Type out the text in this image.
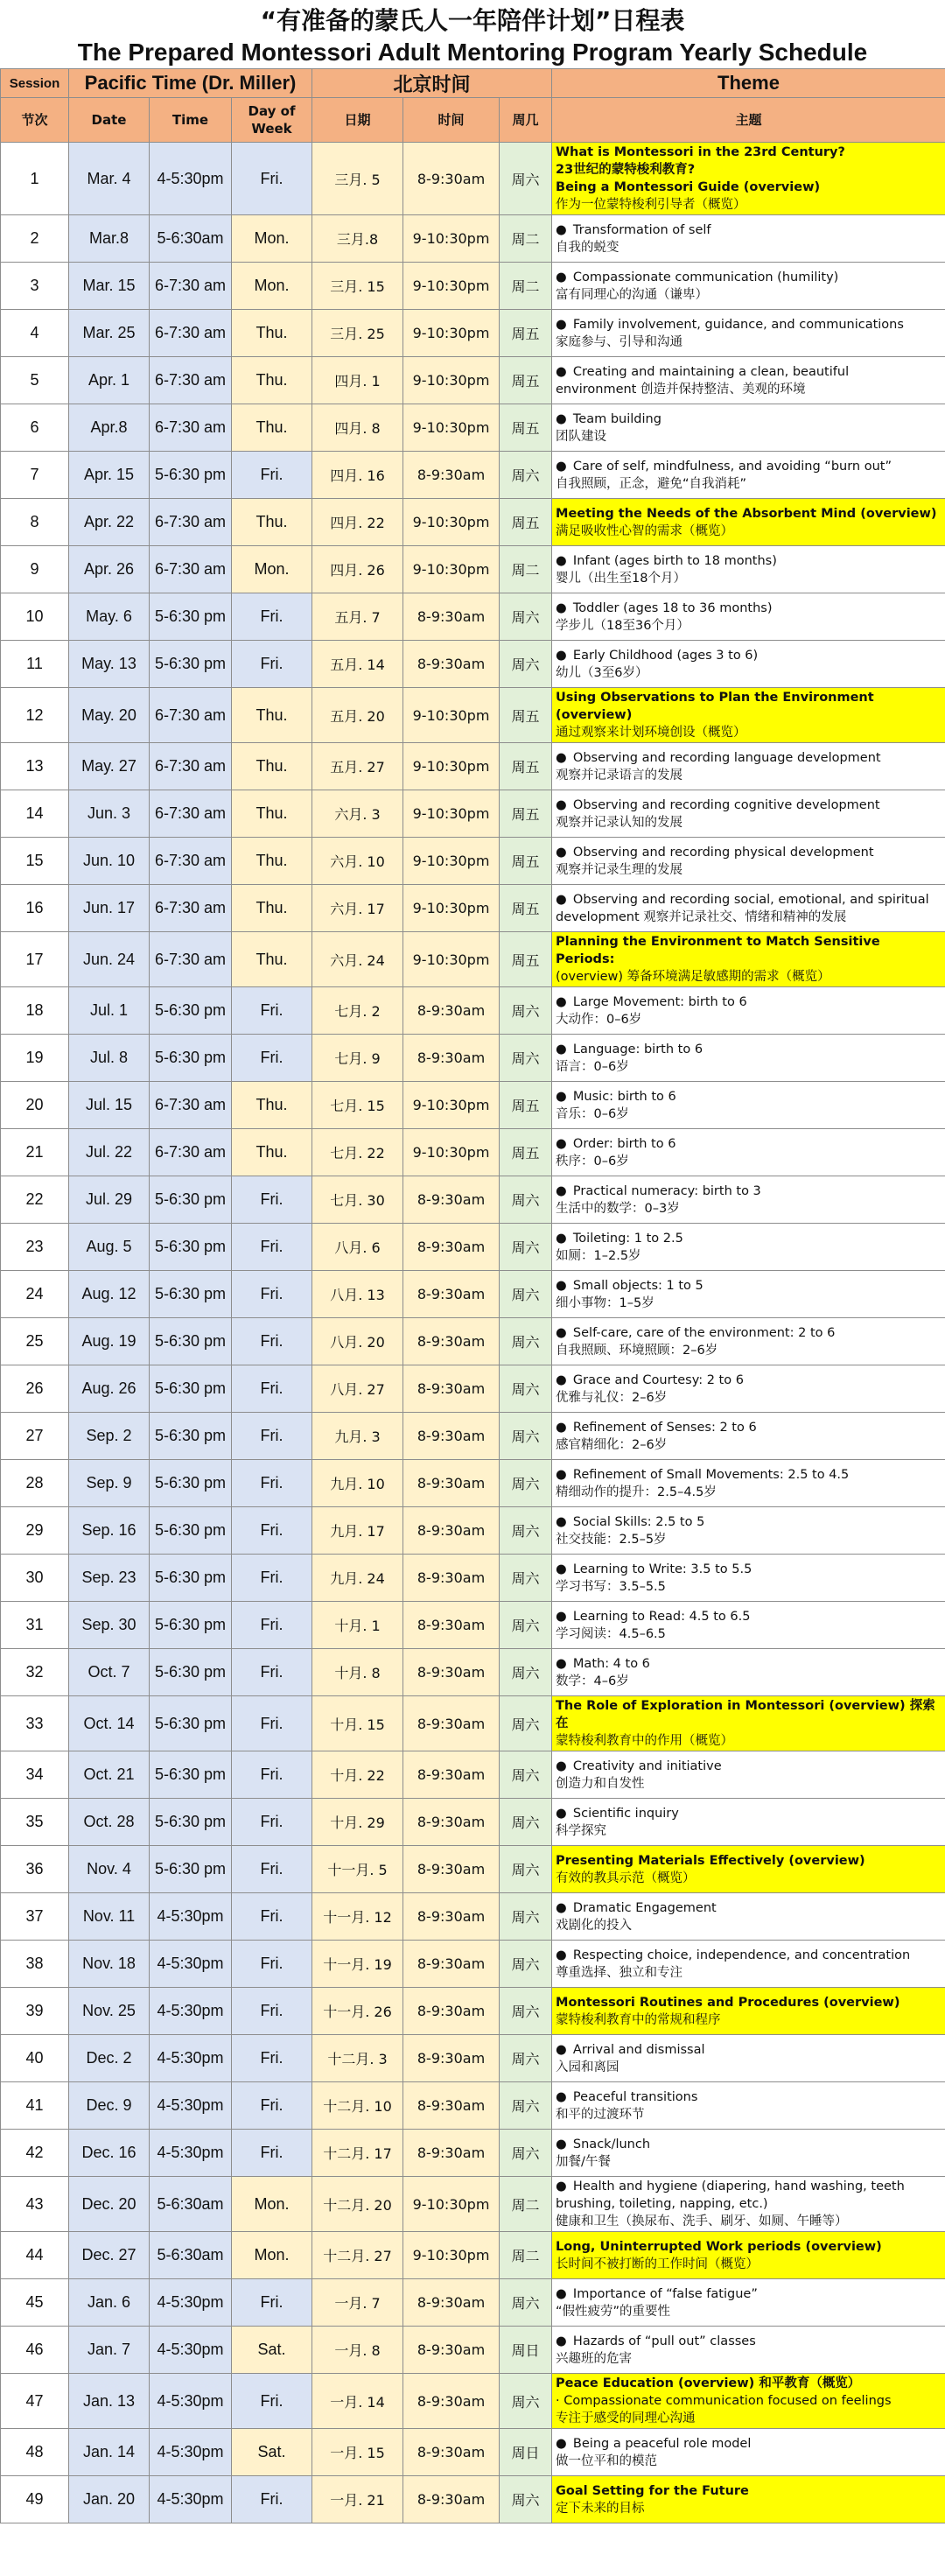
“有准备的蒙氏人一年陪伴计划”日程表
The Prepared Montessori Adult Mentoring Program Yearly Schedule
Session	Pacific Time (Dr. Miller)			北京时间			Theme
节次	Date	Time	Day of Week	日期	时间	周几	主题
1	Mar. 4	4-5:30pm	Fri.	三月. 5	8-9:30am	周六	What is Montessori in the 23rd Century?
23世纪的蒙特梭利教育?
Being a Montessori Guide (overview)
作为一位蒙特梭利引导者（概览）

2	Mar.8	5-6:30am	Mon.	三月.8	9-10:30pm	周二	● Transformation of self
自我的蜕变

3	Mar. 15	6-7:30 am	Mon.	三月. 15	9-10:30pm	周二	● Compassionate communication (humility)
富有同理心的沟通（谦卑）

4	Mar. 25	6-7:30 am	Thu.	三月. 25	9-10:30pm	周五	● Family involvement, guidance, and communications
家庭参与、引导和沟通

5	Apr. 1	6-7:30 am	Thu.	四月. 1	9-10:30pm	周五	● Creating and maintaining a clean, beautiful
environment 创造并保持整洁、美观的环境

6	Apr.8	6-7:30 am	Thu.	四月. 8	9-10:30pm	周五	● Team building
团队建设

7	Apr. 15	5-6:30 pm	Fri.	四月. 16	8-9:30am	周六	● Care of self, mindfulness, and avoiding “burn out”
自我照顾，正念，避免“自我消耗”

8	Apr. 22	6-7:30 am	Thu.	四月. 22	9-10:30pm	周五	Meeting the Needs of the Absorbent Mind (overview)
满足吸收性心智的需求（概览）

9	Apr. 26	6-7:30 am	Mon.	四月. 26	9-10:30pm	周二	● Infant (ages birth to 18 months)
婴儿（出生至18个月）

10	May. 6	5-6:30 pm	Fri.	五月. 7	8-9:30am	周六	● Toddler (ages 18 to 36 months)
学步儿（18至36个月）

11	May. 13	5-6:30 pm	Fri.	五月. 14	8-9:30am	周六	● Early Childhood (ages 3 to 6)
幼儿（3至6岁）

12	May. 20	6-7:30 am	Thu.	五月. 20	9-10:30pm	周五	Using Observations to Plan the Environment (overview)
通过观察来计划环境创设（概览）

13	May. 27	6-7:30 am	Thu.	五月. 27	9-10:30pm	周五	● Observing and recording language development
观察并记录语言的发展

14	Jun. 3	6-7:30 am	Thu.	六月. 3	9-10:30pm	周五	● Observing and recording cognitive development
观察并记录认知的发展

15	Jun. 10	6-7:30 am	Thu.	六月. 10	9-10:30pm	周五	● Observing and recording physical development
观察并记录生理的发展

16	Jun. 17	6-7:30 am	Thu.	六月. 17	9-10:30pm	周五	● Observing and recording social, emotional, and spiritual
development 观察并记录社交、情绪和精神的发展

17	Jun. 24	6-7:30 am	Thu.	六月. 24	9-10:30pm	周五	Planning the Environment to Match Sensitive Periods:
(overview) 筹备环境满足敏感期的需求（概览）

18	Jul. 1	5-6:30 pm	Fri.	七月. 2	8-9:30am	周六	● Large Movement: birth to 6
大动作：0–6岁

19	Jul. 8	5-6:30 pm	Fri.	七月. 9	8-9:30am	周六	● Language: birth to 6
语言：0–6岁

20	Jul. 15	6-7:30 am	Thu.	七月. 15	9-10:30pm	周五	● Music: birth to 6
音乐：0–6岁

21	Jul. 22	6-7:30 am	Thu.	七月. 22	9-10:30pm	周五	● Order: birth to 6
秩序：0–6岁

22	Jul. 29	5-6:30 pm	Fri.	七月. 30	8-9:30am	周六	● Practical numeracy: birth to 3
生活中的数学：0–3岁

23	Aug. 5	5-6:30 pm	Fri.	八月. 6	8-9:30am	周六	● Toileting: 1 to 2.5
如厕：1–2.5岁

24	Aug. 12	5-6:30 pm	Fri.	八月. 13	8-9:30am	周六	● Small objects: 1 to 5
细小事物：1–5岁

25	Aug. 19	5-6:30 pm	Fri.	八月. 20	8-9:30am	周六	● Self-care, care of the environment: 2 to 6
自我照顾、环境照顾：2–6岁

26	Aug. 26	5-6:30 pm	Fri.	八月. 27	8-9:30am	周六	● Grace and Courtesy: 2 to 6
优雅与礼仪：2–6岁

27	Sep. 2	5-6:30 pm	Fri.	九月. 3	8-9:30am	周六	● Refinement of Senses: 2 to 6
感官精细化：2–6岁

28	Sep. 9	5-6:30 pm	Fri.	九月. 10	8-9:30am	周六	● Refinement of Small Movements: 2.5 to 4.5
精细动作的提升：2.5–4.5岁

29	Sep. 16	5-6:30 pm	Fri.	九月. 17	8-9:30am	周六	● Social Skills: 2.5 to 5
社交技能：2.5–5岁

30	Sep. 23	5-6:30 pm	Fri.	九月. 24	8-9:30am	周六	● Learning to Write: 3.5 to 5.5
学习书写：3.5–5.5

31	Sep. 30	5-6:30 pm	Fri.	十月. 1	8-9:30am	周六	● Learning to Read: 4.5 to 6.5
学习阅读：4.5–6.5

32	Oct. 7	5-6:30 pm	Fri.	十月. 8	8-9:30am	周六	● Math: 4 to 6
数学：4–6岁

33	Oct. 14	5-6:30 pm	Fri.	十月. 15	8-9:30am	周六	The Role of Exploration in Montessori (overview) 探索在
蒙特梭利教育中的作用（概览）

34	Oct. 21	5-6:30 pm	Fri.	十月. 22	8-9:30am	周六	● Creativity and initiative
创造力和自发性

35	Oct. 28	5-6:30 pm	Fri.	十月. 29	8-9:30am	周六	● Scientific inquiry
科学探究

36	Nov. 4	5-6:30 pm	Fri.	十一月. 5	8-9:30am	周六	Presenting Materials Effectively (overview)
有效的教具示范（概览）

37	Nov. 11	4-5:30pm	Fri.	十一月. 12	8-9:30am	周六	● Dramatic Engagement
戏剧化的投入

38	Nov. 18	4-5:30pm	Fri.	十一月. 19	8-9:30am	周六	● Respecting choice, independence, and concentration
尊重选择、独立和专注

39	Nov. 25	4-5:30pm	Fri.	十一月. 26	8-9:30am	周六	Montessori Routines and Procedures (overview)
蒙特梭利教育中的常规和程序

40	Dec. 2	4-5:30pm	Fri.	十二月. 3	8-9:30am	周六	● Arrival and dismissal
入园和离园

41	Dec. 9	4-5:30pm	Fri.	十二月. 10	8-9:30am	周六	● Peaceful transitions
和平的过渡环节

42	Dec. 16	4-5:30pm	Fri.	十二月. 17	8-9:30am	周六	● Snack/lunch
加餐/午餐

43	Dec. 20	5-6:30am	Mon.	十二月. 20	9-10:30pm	周二	● Health and hygiene (diapering, hand washing, teeth brushing, toileting, napping, etc.)
健康和卫生（换尿布、洗手、刷牙、如厕、午睡等）

44	Dec. 27	5-6:30am	Mon.	十二月. 27	9-10:30pm	周二	Long, Uninterrupted Work periods (overview)
长时间不被打断的工作时间（概览）

45	Jan. 6	4-5:30pm	Fri.	一月. 7	8-9:30am	周六	● Importance of “false fatigue”
“假性疲劳”的重要性

46	Jan. 7	4-5:30pm	Sat.	一月. 8	8-9:30am	周日	● Hazards of “pull out” classes
兴趣班的危害

47	Jan. 13	4-5:30pm	Fri.	一月. 14	8-9:30am	周六	Peace Education (overview) 和平教育（概览）
· Compassionate communication focused on feelings
专注于感受的同理心沟通

48	Jan. 14	4-5:30pm	Sat.	一月. 15	8-9:30am	周日	● Being a peaceful role model
做一位平和的模范

49	Jan. 20	4-5:30pm	Fri.	一月. 21	8-9:30am	周六	Goal Setting for the Future
定下未来的目标
